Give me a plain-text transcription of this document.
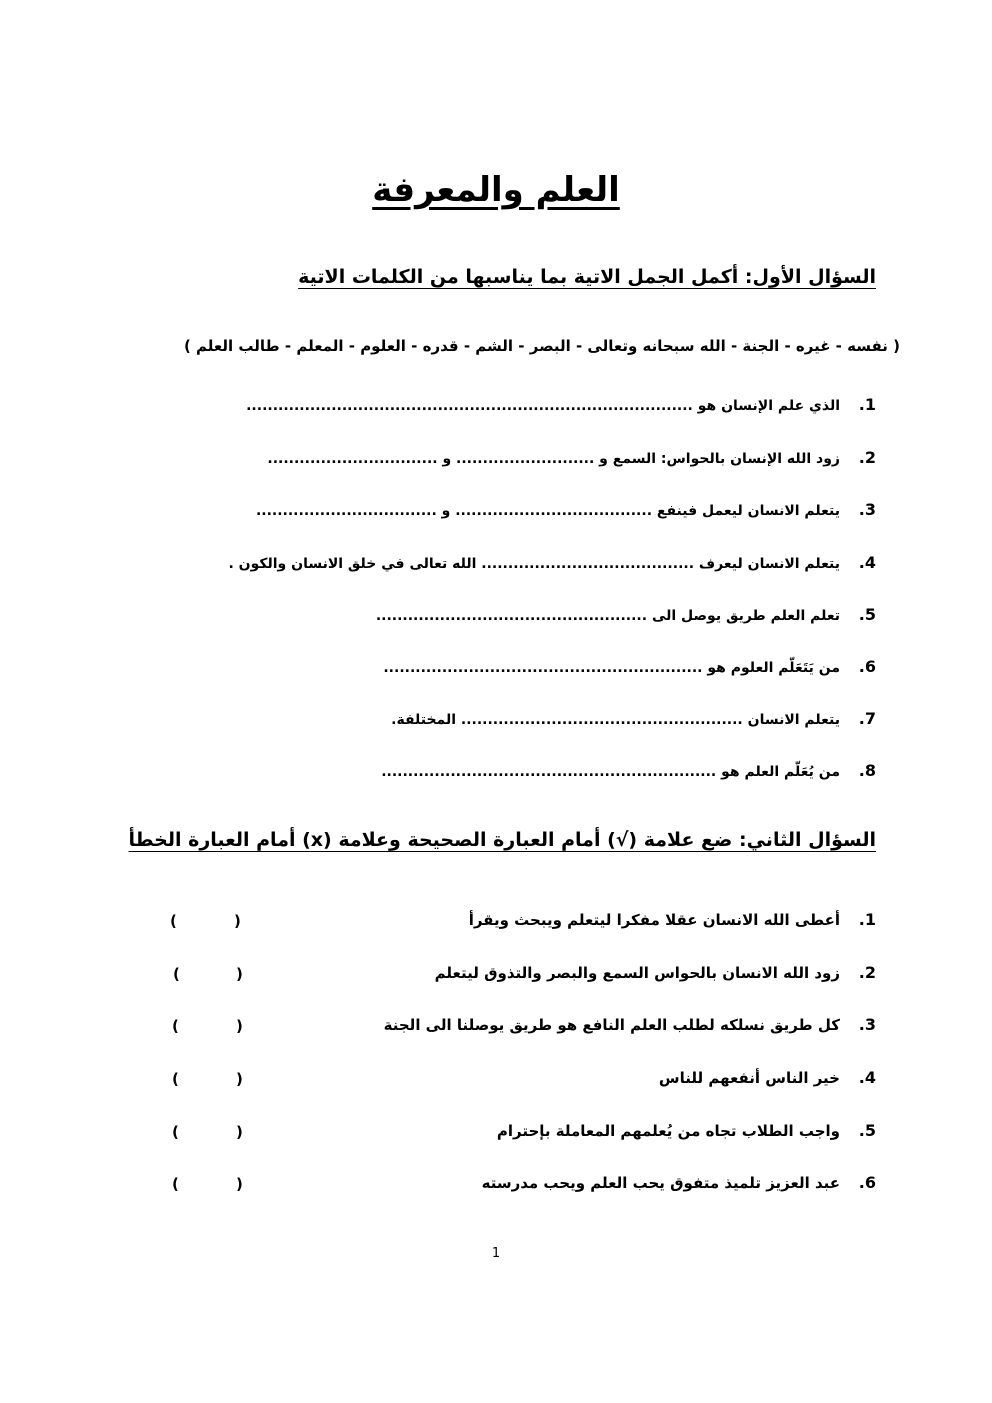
العلم والمعرفة
السؤال الأول: أكمل الجمل الاتية بما يناسبها من الكلمات الاتية
( نفسه - غيره - الجنة - الله سبحانه وتعالى - البصر - الشم - قدره - العلوم - المعلم - طالب العلم )
1.
الذي علم الإنسان هو ....................................................................................
2.
زود الله الإنسان بالحواس: السمع و .......................... و ................................
3.
يتعلم الانسان ليعمل فينفع ..................................... و ..................................
4.
يتعلم الانسان ليعرف ........................................ الله تعالى في خلق الانسان والكون .
5.
تعلم العلم طريق يوصل الى ...................................................
6.
من يَتَعَلّم العلوم هو ............................................................
7.
يتعلم الانسان ..................................................... المختلفة.
8.
من يُعَلّم العلم هو ...............................................................
السؤال الثاني: ضع علامة (√) أمام العبارة الصحيحة وعلامة (x) أمام العبارة الخطأ
1.
أعطى الله الانسان عقلا مفكرا ليتعلم ويبحث ويقرأ
(
)
2.
زود الله الانسان بالحواس السمع والبصر والتذوق ليتعلم
(
)
3.
كل طريق نسلكه لطلب العلم النافع هو طريق يوصلنا الى الجنة
(
)
4.
خير الناس أنفعهم للناس
(
)
5.
واجب الطلاب تجاه من يُعلمهم المعاملة بإحترام
(
)
6.
عبد العزيز تلميذ متفوق يحب العلم ويحب مدرسته
(
)
1
